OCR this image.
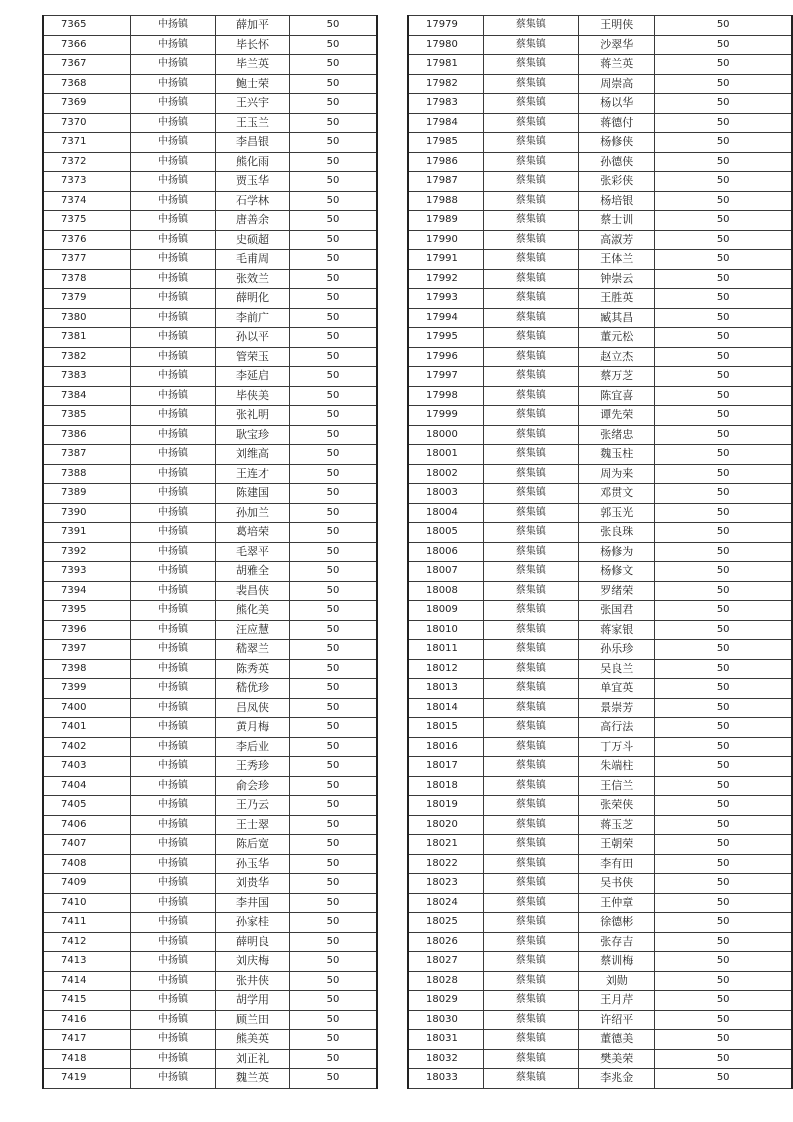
7365	中扬镇	薛加平	50
7366	中扬镇	毕长怀	50
7367	中扬镇	毕兰英	50
7368	中扬镇	鲍士荣	50
7369	中扬镇	王兴宇	50
7370	中扬镇	王玉兰	50
7371	中扬镇	李昌银	50
7372	中扬镇	熊化雨	50
7373	中扬镇	贾玉华	50
7374	中扬镇	石学林	50
7375	中扬镇	唐善余	50
7376	中扬镇	史硕超	50
7377	中扬镇	毛甫周	50
7378	中扬镇	张效兰	50
7379	中扬镇	薛明化	50
7380	中扬镇	李前广	50
7381	中扬镇	孙以平	50
7382	中扬镇	管荣玉	50
7383	中扬镇	李延启	50
7384	中扬镇	毕侠美	50
7385	中扬镇	张礼明	50
7386	中扬镇	耿宝珍	50
7387	中扬镇	刘维高	50
7388	中扬镇	王连才	50
7389	中扬镇	陈建国	50
7390	中扬镇	孙加兰	50
7391	中扬镇	葛培荣	50
7392	中扬镇	毛翠平	50
7393	中扬镇	胡雅全	50
7394	中扬镇	裴昌侠	50
7395	中扬镇	熊化美	50
7396	中扬镇	汪应慧	50
7397	中扬镇	嵇翠兰	50
7398	中扬镇	陈秀英	50
7399	中扬镇	嵇优珍	50
7400	中扬镇	吕凤侠	50
7401	中扬镇	黄月梅	50
7402	中扬镇	李后业	50
7403	中扬镇	王秀珍	50
7404	中扬镇	俞会珍	50
7405	中扬镇	王乃云	50
7406	中扬镇	王士翠	50
7407	中扬镇	陈后宽	50
7408	中扬镇	孙玉华	50
7409	中扬镇	刘贵华	50
7410	中扬镇	李井国	50
7411	中扬镇	孙家桂	50
7412	中扬镇	薛明良	50
7413	中扬镇	刘庆梅	50
7414	中扬镇	张井侠	50
7415	中扬镇	胡学用	50
7416	中扬镇	顾兰田	50
7417	中扬镇	熊美英	50
7418	中扬镇	刘正礼	50
7419	中扬镇	魏兰英	50
17979	蔡集镇	王明侠	50
17980	蔡集镇	沙翠华	50
17981	蔡集镇	蒋兰英	50
17982	蔡集镇	周崇高	50
17983	蔡集镇	杨以华	50
17984	蔡集镇	蒋德付	50
17985	蔡集镇	杨修侠	50
17986	蔡集镇	孙德侠	50
17987	蔡集镇	张彩侠	50
17988	蔡集镇	杨培银	50
17989	蔡集镇	蔡士训	50
17990	蔡集镇	高淑芳	50
17991	蔡集镇	王体兰	50
17992	蔡集镇	钟崇云	50
17993	蔡集镇	王胜英	50
17994	蔡集镇	臧其昌	50
17995	蔡集镇	董元松	50
17996	蔡集镇	赵立杰	50
17997	蔡集镇	蔡万芝	50
17998	蔡集镇	陈宜喜	50
17999	蔡集镇	谭先荣	50
18000	蔡集镇	张绪忠	50
18001	蔡集镇	魏玉柱	50
18002	蔡集镇	周为来	50
18003	蔡集镇	邓贯文	50
18004	蔡集镇	郭玉光	50
18005	蔡集镇	张良珠	50
18006	蔡集镇	杨修为	50
18007	蔡集镇	杨修文	50
18008	蔡集镇	罗绪荣	50
18009	蔡集镇	张国君	50
18010	蔡集镇	蒋家银	50
18011	蔡集镇	孙乐珍	50
18012	蔡集镇	吴良兰	50
18013	蔡集镇	单宜英	50
18014	蔡集镇	景崇芳	50
18015	蔡集镇	高行法	50
18016	蔡集镇	丁万斗	50
18017	蔡集镇	朱端柱	50
18018	蔡集镇	王信兰	50
18019	蔡集镇	张荣侠	50
18020	蔡集镇	蒋玉芝	50
18021	蔡集镇	王朝荣	50
18022	蔡集镇	李有田	50
18023	蔡集镇	吴书侠	50
18024	蔡集镇	王仲章	50
18025	蔡集镇	徐德彬	50
18026	蔡集镇	张存吉	50
18027	蔡集镇	蔡训梅	50
18028	蔡集镇	刘勋	50
18029	蔡集镇	王月芹	50
18030	蔡集镇	许绍平	50
18031	蔡集镇	董德美	50
18032	蔡集镇	樊美荣	50
18033	蔡集镇	李兆金	50
